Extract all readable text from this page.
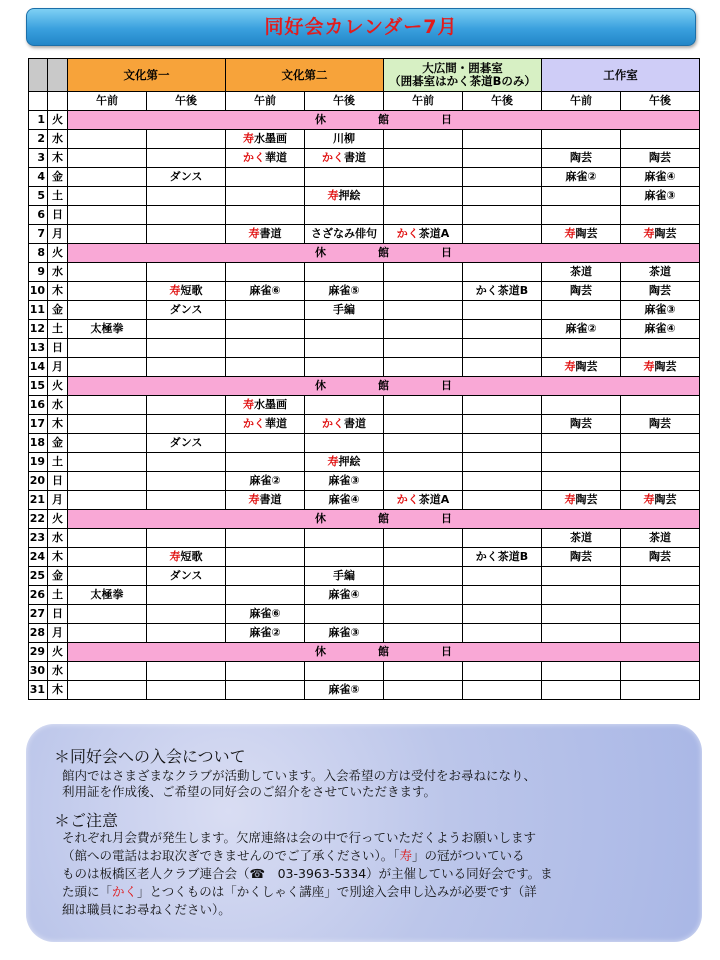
同好会カレンダー7月
		文化第一		文化第二		大広間・囲碁室
（囲碁室はかく茶道Bのみ）		工作室	
		午前	午後	午前	午後	午前	午後	午前	午後
1	火	休 館 日							
2	水			寿水墨画	川柳				
3	木			かく華道	かく書道			陶芸	陶芸
4	金		ダンス					麻雀②	麻雀④
5	土				寿押絵				麻雀③
6	日								
7	月			寿書道	さざなみ俳句	かく茶道A		寿陶芸	寿陶芸
8	火	休 館 日							
9	水							茶道	茶道
10	木		寿短歌	麻雀⑥	麻雀⑤		かく茶道B	陶芸	陶芸
11	金		ダンス		手編				麻雀③
12	土	太極拳						麻雀②	麻雀④
13	日								
14	月							寿陶芸	寿陶芸
15	火	休 館 日							
16	水			寿水墨画					
17	木			かく華道	かく書道			陶芸	陶芸
18	金		ダンス						
19	土				寿押絵				
20	日			麻雀②	麻雀③				
21	月			寿書道	麻雀④	かく茶道A		寿陶芸	寿陶芸
22	火	休 館 日							
23	水							茶道	茶道
24	木		寿短歌				かく茶道B	陶芸	陶芸
25	金		ダンス		手編				
26	土	太極拳			麻雀④				
27	日			麻雀⑥					
28	月			麻雀②	麻雀③				
29	火	休 館 日							
30	水								
31	木				麻雀⑤				
＊同好会への入会について
館内ではさまざまなクラブが活動しています。入会希望の方は受付をお尋ねになり、
利用証を作成後、ご希望の同好会のご紹介をさせていただきます。
＊ご注意
それぞれ月会費が発生します。欠席連絡は会の中で行っていただくようお願いします
（館への電話はお取次ぎできませんのでご了承ください）。「寿」の冠がついている
ものは板橋区老人クラブ連合会（☎　03-3963-5334）が主催している同好会です。ま
た頭に「かく」とつくものは「かくしゃく講座」で別途入会申し込みが必要です（詳
細は職員にお尋ねください）。
